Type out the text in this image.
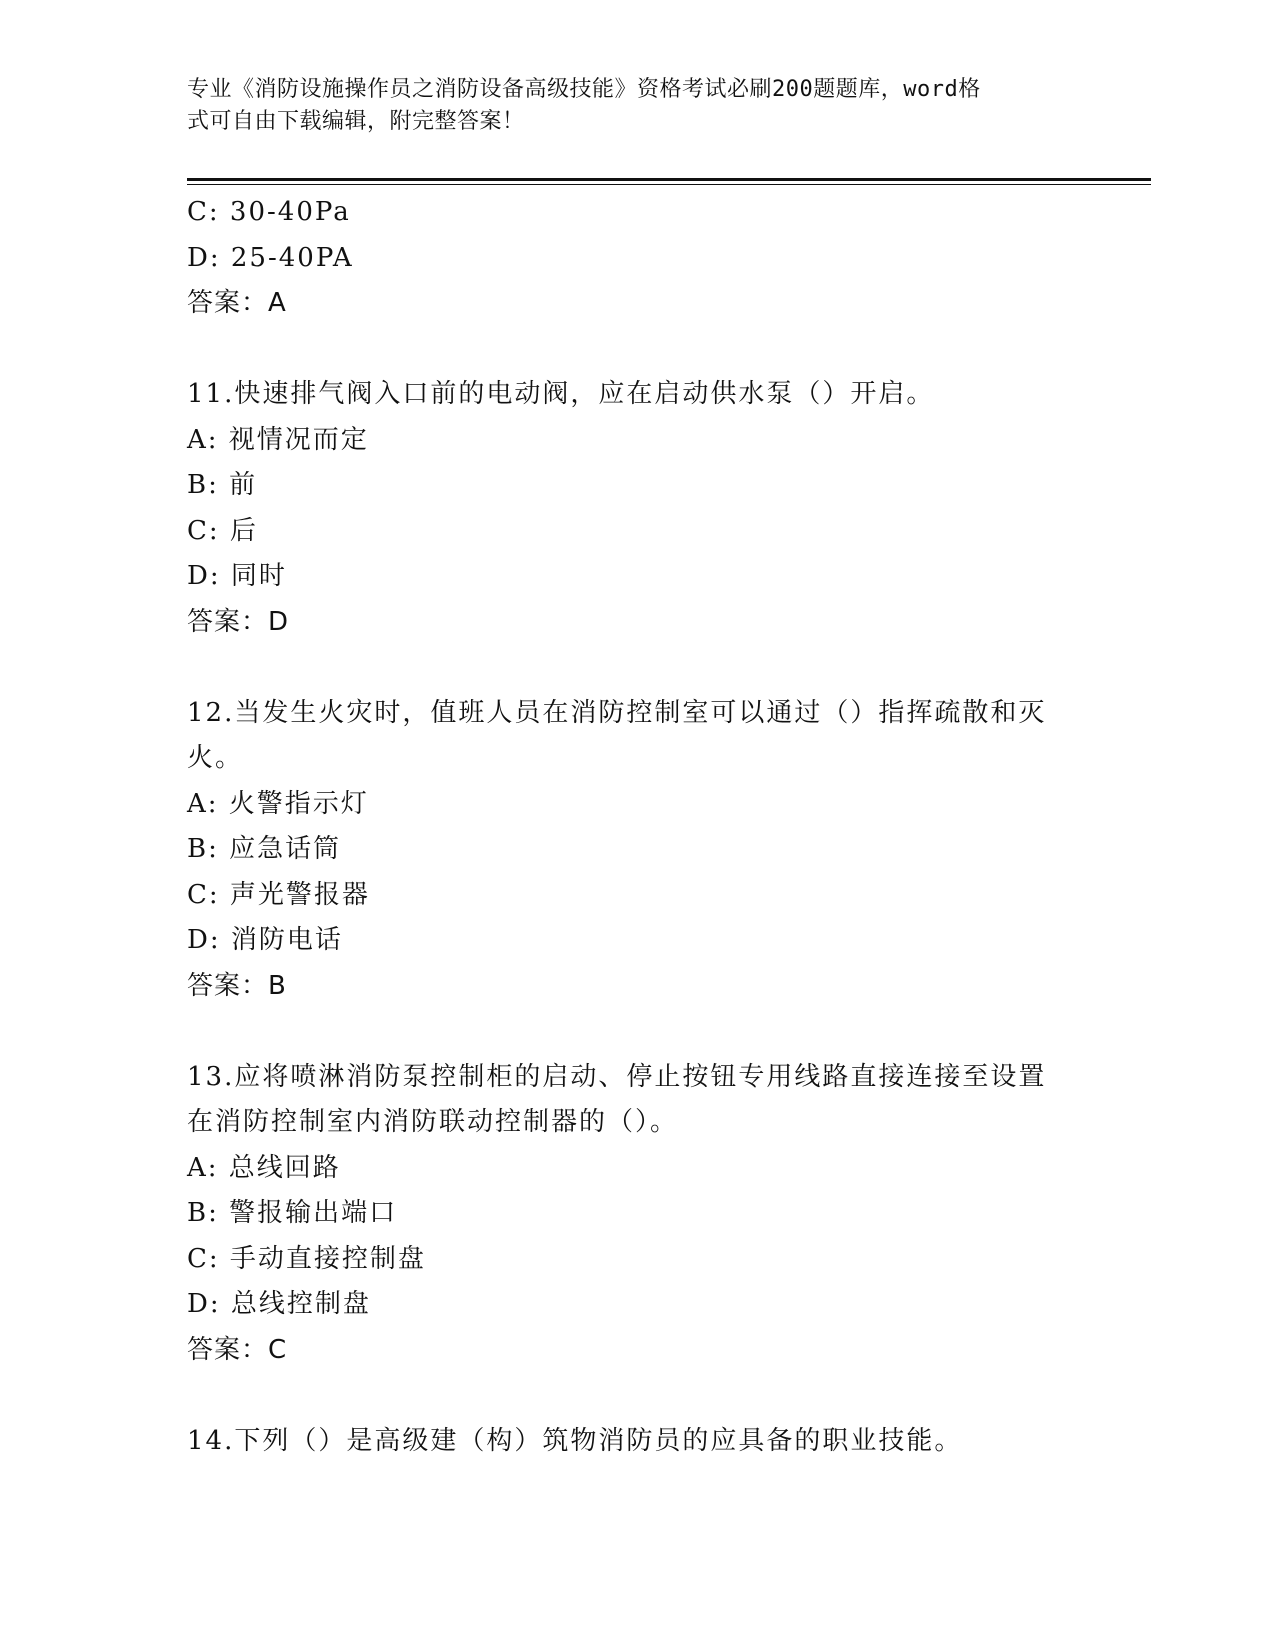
专业《消防设施操作员之消防设备高级技能》资格考试必刷200题题库，word格
式可自由下载编辑，附完整答案！
C: 30-40Pa
D: 25-40PA
答案：A
11.快速排气阀入口前的电动阀，应在启动供水泵（）开启。
A: 视情况而定
B: 前
C: 后
D: 同时
答案：D
12.当发生火灾时，值班人员在消防控制室可以通过（）指挥疏散和灭
火。
A: 火警指示灯
B: 应急话筒
C: 声光警报器
D: 消防电话
答案：B
13.应将喷淋消防泵控制柜的启动、停止按钮专用线路直接连接至设置
在消防控制室内消防联动控制器的（）。
A: 总线回路
B: 警报输出端口
C: 手动直接控制盘
D: 总线控制盘
答案：C
14.下列（）是高级建（构）筑物消防员的应具备的职业技能。
